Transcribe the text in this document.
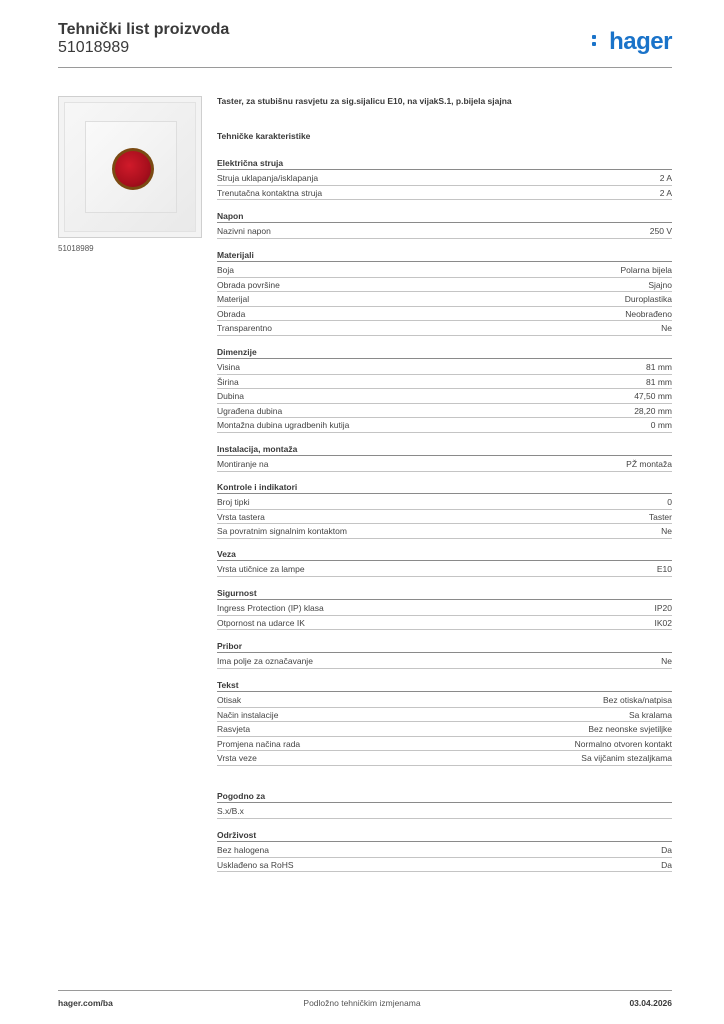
Tehnički list proizvoda
51018989	hager
51018989
Taster, za stubišnu rasvjetu za sig.sijalicu E10, na vijakS.1, p.bijela sjajna
Tehničke karakteristike
Električna struja
Struja uklapanja/isklapanja	2 A
Trenutačna kontaktna struja	2 A
Napon
Nazivni napon	250 V
Materijali
Boja	Polarna bijela
Obrada površine	Sjajno
Materijal	Duroplastika
Obrada	Neobrađeno
Transparentno	Ne
Dimenzije
Visina	81 mm
Širina	81 mm
Dubina	47,50 mm
Ugrađena dubina	28,20 mm
Montažna dubina ugradbenih kutija	0 mm
Instalacija, montaža
Montiranje na	PŽ montaža
Kontrole i indikatori
Broj tipki	0
Vrsta tastera	Taster
Sa povratnim signalnim kontaktom	Ne
Veza
Vrsta utičnice za lampe	E10
Sigurnost
Ingress Protection (IP) klasa	IP20
Otpornost na udarce IK	IK02
Pribor
Ima polje za označavanje	Ne
Tekst
Otisak	Bez otiska/natpisa
Način instalacije	Sa kralama
Rasvjeta	Bez neonske svjetiljke
Promjena načina rada	Normalno otvoren kontakt
Vrsta veze	Sa vijčanim stezaljkama
Pogodno za
S.x/B.x
Održivost
Bez halogena	Da
Usklađeno sa RoHS	Da
hager.com/ba	Podložno tehničkim izmjenama	03.04.2026
